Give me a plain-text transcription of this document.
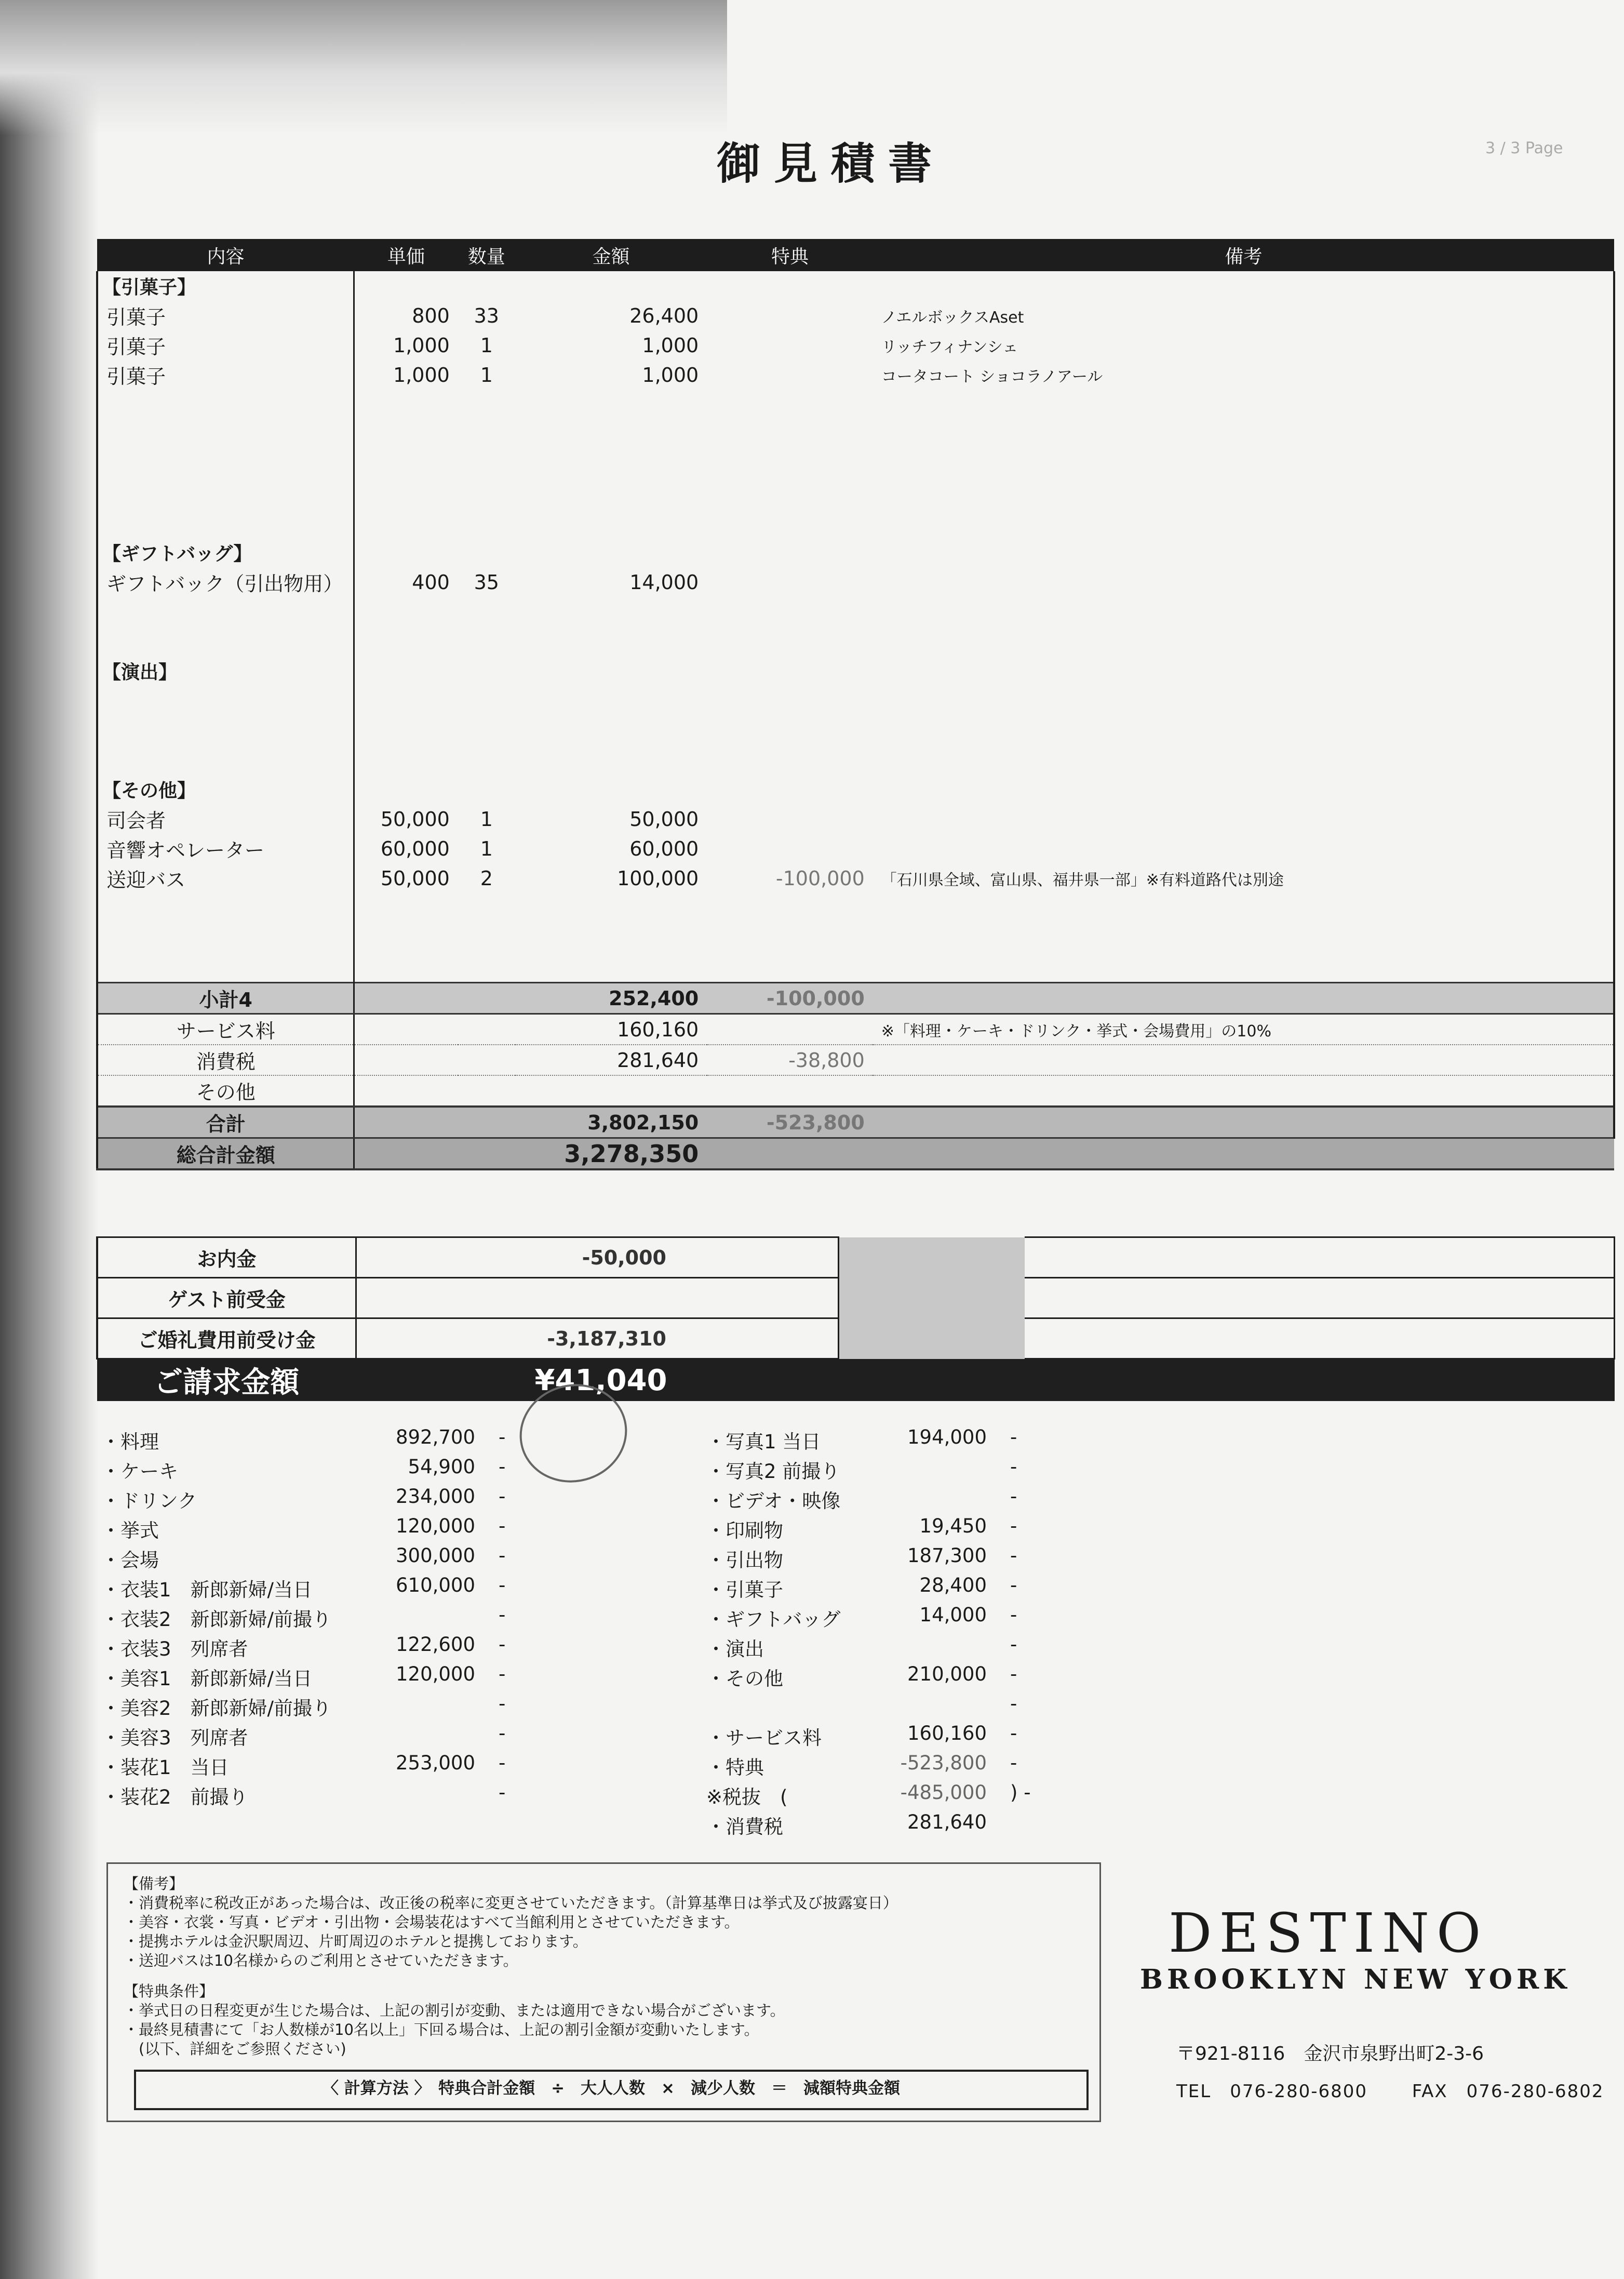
御見積書	3 / 3 Page
内容	単価	数量	金額	特典	備考
【引菓子】					
引菓子	800	33	26,400		ノエルボックスAset
引菓子	1,000	1	1,000		リッチフィナンシェ
引菓子	1,000	1	1,000		コータコート ショコラノアール

【ギフトバッグ】					
ギフトバック（引出物用）	400	35	14,000		

【演出】					

【その他】					
司会者	50,000	1	50,000		
音響オペレーター	60,000	1	60,000		
送迎バス	50,000	2	100,000	-100,000	「石川県全域、富山県、福井県一部」※有料道路代は別途

小計4			252,400	-100,000	
サービス料			160,160		※「料理・ケーキ・ドリンク・挙式・会場費用」の10%
消費税			281,640	-38,800	
その他					
合計			3,802,150	-523,800	
総合計金額	3,278,350				
お内金	-50,000		
ゲスト前受金			
ご婚礼費用前受け金	-3,187,310		
ご請求金額	¥41,040		
・料理	892,700 -
・ケーキ	54,900 -
・ドリンク	234,000 -
・挙式	120,000 -
・会場	300,000 -
・衣装1　新郎新婦/当日	610,000 -
・衣装2　新郎新婦/前撮り	-
・衣装3　列席者	122,600 -
・美容1　新郎新婦/当日	120,000 -
・美容2　新郎新婦/前撮り	-
・美容3　列席者	-
・装花1　当日	253,000 -
・装花2　前撮り	-
・写真1 当日	194,000 -
・写真2 前撮り	-
・ビデオ・映像	-
・印刷物	19,450 -
・引出物	187,300 -
・引菓子	28,400 -
・ギフトバッグ	14,000 -
・演出	-
・その他	210,000 -
-
・サービス料	160,160 -
・特典	-523,800 -
※税抜　(	-485,000 ) -
・消費税	281,640
【備考】
・消費税率に税改正があった場合は、改正後の税率に変更させていただきます。（計算基準日は挙式及び披露宴日）
・美容・衣裳・写真・ビデオ・引出物・会場装花はすべて当館利用とさせていただきます。
・提携ホテルは金沢駅周辺、片町周辺のホテルと提携しております。
・送迎バスは10名様からのご利用とさせていただきます。
【特典条件】
・挙式日の日程変更が生じた場合は、上記の割引が変動、または適用できない場合がございます。
・最終見積書にて「お人数様が10名以上」下回る場合は、上記の割引金額が変動いたします。
　(以下、詳細をご参照ください)
〈 計算方法 〉　特典合計金額　÷　大人人数　×　減少人数　＝　減額特典金額
DESTINO
BROOKLYN NEW YORK
〒921-8116　金沢市泉野出町2-3-6
TEL　076-280-6800	FAX　076-280-6802
